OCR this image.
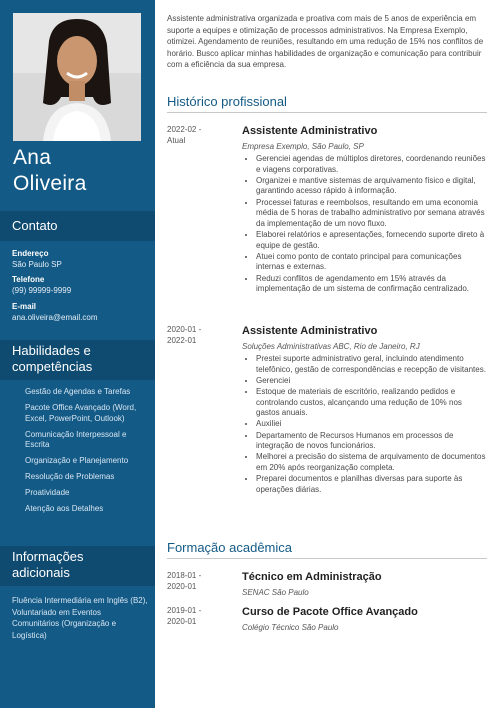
Ana
Oliveira
Contato
Endereço
São Paulo SP
Telefone
(99) 99999-9999
E-mail
ana.oliveira@email.com
Habilidades e
competências
Gestão de Agendas e Tarefas
Pacote Office Avançado (Word, Excel, PowerPoint, Outlook)
Comunicação Interpessoal e Escrita
Organização e Planejamento
Resolução de Problemas
Proatividade
Atenção aos Detalhes
Informações
adicionais
Fluência Intermediária em Inglês (B2), Voluntariado em Eventos Comunitários (Organização e Logística)
Assistente administrativa organizada e proativa com mais de 5 anos de experiência em suporte a equipes e otimização de processos administrativos. Na Empresa Exemplo, otimizei. Agendamento de reuniões, resultando em uma redução de 15% nos conflitos de horário. Busco aplicar minhas habilidades de organização e comunicação para contribuir com a eficiência da sua empresa.
Histórico profissional
2022-02 -
Atual
Assistente Administrativo
Empresa Exemplo, São Paulo, SP
• Gerenciei agendas de múltiplos diretores, coordenando reuniões e viagens corporativas.
• Organizei e mantive sistemas de arquivamento físico e digital, garantindo acesso rápido à informação.
• Processei faturas e reembolsos, resultando em uma economia média de 5 horas de trabalho administrativo por semana através da implementação de um novo fluxo.
• Elaborei relatórios e apresentações, fornecendo suporte direto à equipe de gestão.
• Atuei como ponto de contato principal para comunicações internas e externas.
• Reduzi conflitos de agendamento em 15% através da implementação de um sistema de confirmação centralizado.
2020-01 -
2022-01
Assistente Administrativo
Soluções Administrativas ABC, Rio de Janeiro, RJ
• Prestei suporte administrativo geral, incluindo atendimento telefônico, gestão de correspondências e recepção de visitantes.
• Gerenciei
• Estoque de materiais de escritório, realizando pedidos e controlando custos, alcançando uma redução de 10% nos gastos anuais.
• Auxiliei
• Departamento de Recursos Humanos em processos de integração de novos funcionários.
• Melhorei a precisão do sistema de arquivamento de documentos em 20% após reorganização completa.
• Preparei documentos e planilhas diversas para suporte às operações diárias.
Formação acadêmica
2018-01 -
2020-01
Técnico em Administração
SENAC São Paulo
2019-01 -
2020-01
Curso de Pacote Office Avançado
Colégio Técnico São Paulo
